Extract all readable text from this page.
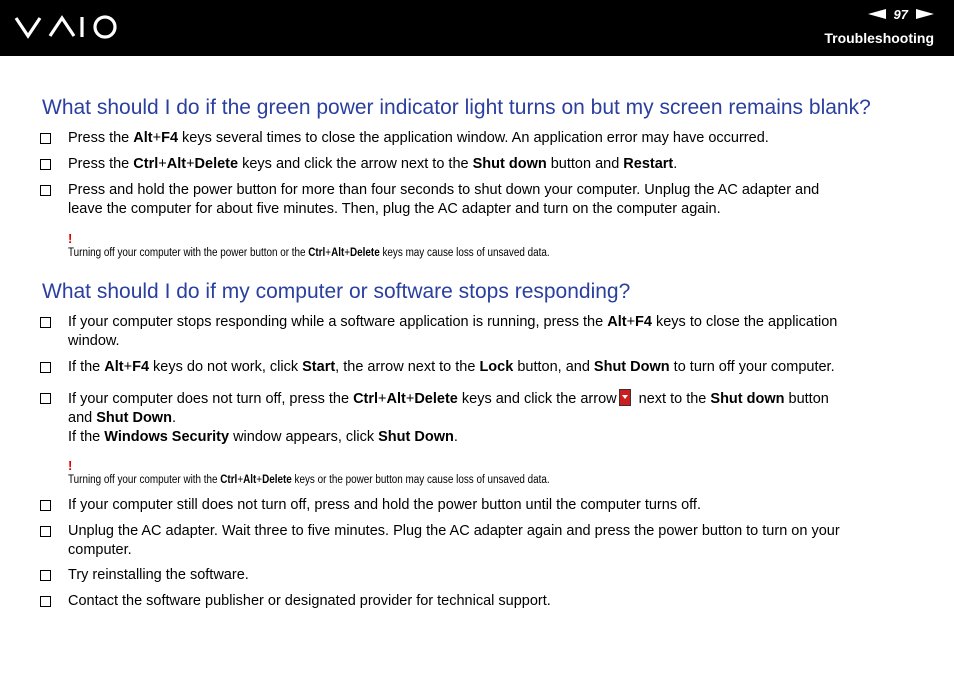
97
Troubleshooting
What should I do if the green power indicator light turns on but my screen remains blank?
Press the Alt+F4 keys several times to close the application window. An application error may have occurred.
Press the Ctrl+Alt+Delete keys and click the arrow next to the Shut down button and Restart.
Press and hold the power button for more than four seconds to shut down your computer. Unplug the AC adapter and
leave the computer for about five minutes. Then, plug the AC adapter and turn on the computer again.
!
Turning off your computer with the power button or the Ctrl+Alt+Delete keys may cause loss of unsaved data.
What should I do if my computer or software stops responding?
If your computer stops responding while a software application is running, press the Alt+F4 keys to close the application
window.
If the Alt+F4 keys do not work, click Start, the arrow next to the Lock button, and Shut Down to turn off your computer.
If your computer does not turn off, press the Ctrl+Alt+Delete keys and click the arrow next to the Shut down button
and Shut Down.
If the Windows Security window appears, click Shut Down.
!
Turning off your computer with the Ctrl+Alt+Delete keys or the power button may cause loss of unsaved data.
If your computer still does not turn off, press and hold the power button until the computer turns off.
Unplug the AC adapter. Wait three to five minutes. Plug the AC adapter again and press the power button to turn on your
computer.
Try reinstalling the software.
Contact the software publisher or designated provider for technical support.
